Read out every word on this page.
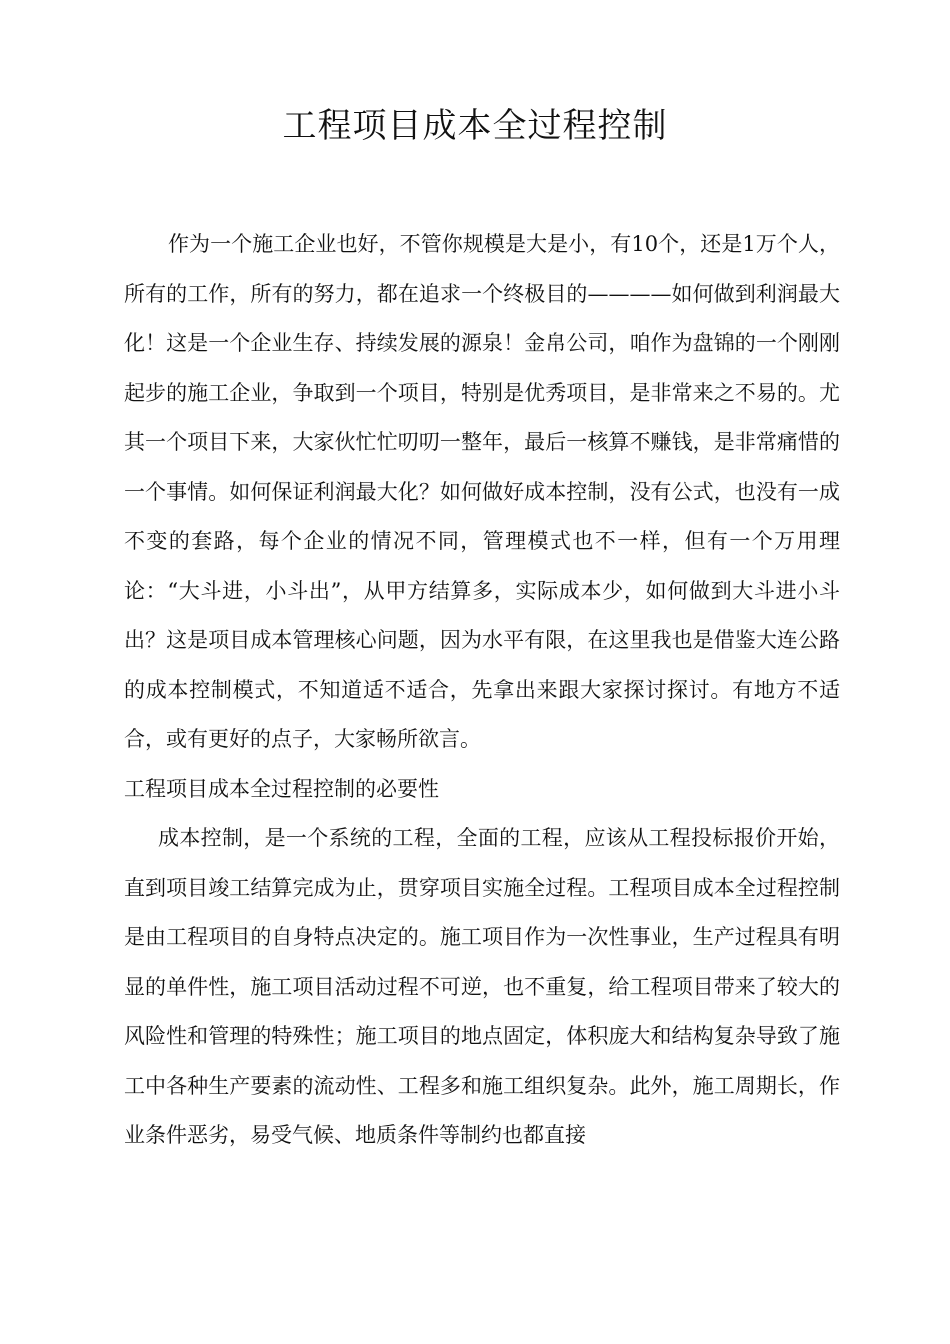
工程项目成本全过程控制

作为一个施工企业也好，不管你规模是大是小，有10个，还是1万个人，所有的工作，所有的努力，都在追求一个终极目的————如何做到利润最大化！这是一个企业生存、持续发展的源泉！金帛公司，咱作为盘锦的一个刚刚起步的施工企业，争取到一个项目，特别是优秀项目，是非常来之不易的。尤其一个项目下来，大家伙忙忙叨叨一整年，最后一核算不赚钱，是非常痛惜的一个事情。如何保证利润最大化？如何做好成本控制，没有公式，也没有一成不变的套路，每个企业的情况不同，管理模式也不一样，但有一个万用理论：“大斗进，小斗出”，从甲方结算多，实际成本少，如何做到大斗进小斗出？这是项目成本管理核心问题，因为水平有限，在这里我也是借鉴大连公路的成本控制模式，不知道适不适合，先拿出来跟大家探讨探讨。有地方不适合，或有更好的点子，大家畅所欲言。

工程项目成本全过程控制的必要性

成本控制，是一个系统的工程，全面的工程，应该从工程投标报价开始，直到项目竣工结算完成为止，贯穿项目实施全过程。工程项目成本全过程控制是由工程项目的自身特点决定的。施工项目作为一次性事业，生产过程具有明显的单件性，施工项目活动过程不可逆，也不重复，给工程项目带来了较大的风险性和管理的特殊性；施工项目的地点固定，体积庞大和结构复杂导致了施工中各种生产要素的流动性、工程多和施工组织复杂。此外，施工周期长，作业条件恶劣，易受气候、地质条件等制约也都直接
